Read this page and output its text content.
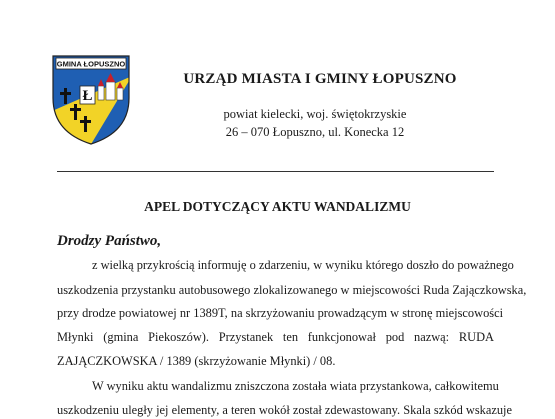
GMINA ŁOPUSZNO
Ł
URZĄD MIASTA I GMINY ŁOPUSZNO
powiat kielecki, woj. świętokrzyskie
26 – 070 Łopuszno, ul. Konecka 12
APEL DOTYCZĄCY AKTU WANDALIZMU
Drodzy Państwo,
z wielką przykrością informuję o zdarzeniu, w wyniku którego doszło do poważnego
uszkodzenia przystanku autobusowego zlokalizowanego w miejscowości Ruda Zajączkowska,
przy drodze powiatowej nr 1389T, na skrzyżowaniu prowadzącym w stronę miejscowości
Młynki (gmina Piekoszów). Przystanek ten funkcjonował pod nazwą: RUDA
ZAJĄCZKOWSKA / 1389 (skrzyżowanie Młynki) / 08.
W wyniku aktu wandalizmu zniszczona została wiata przystankowa, całkowitemu
uszkodzeniu uległy jej elementy, a teren wokół został zdewastowany. Skala szkód wskazuje
